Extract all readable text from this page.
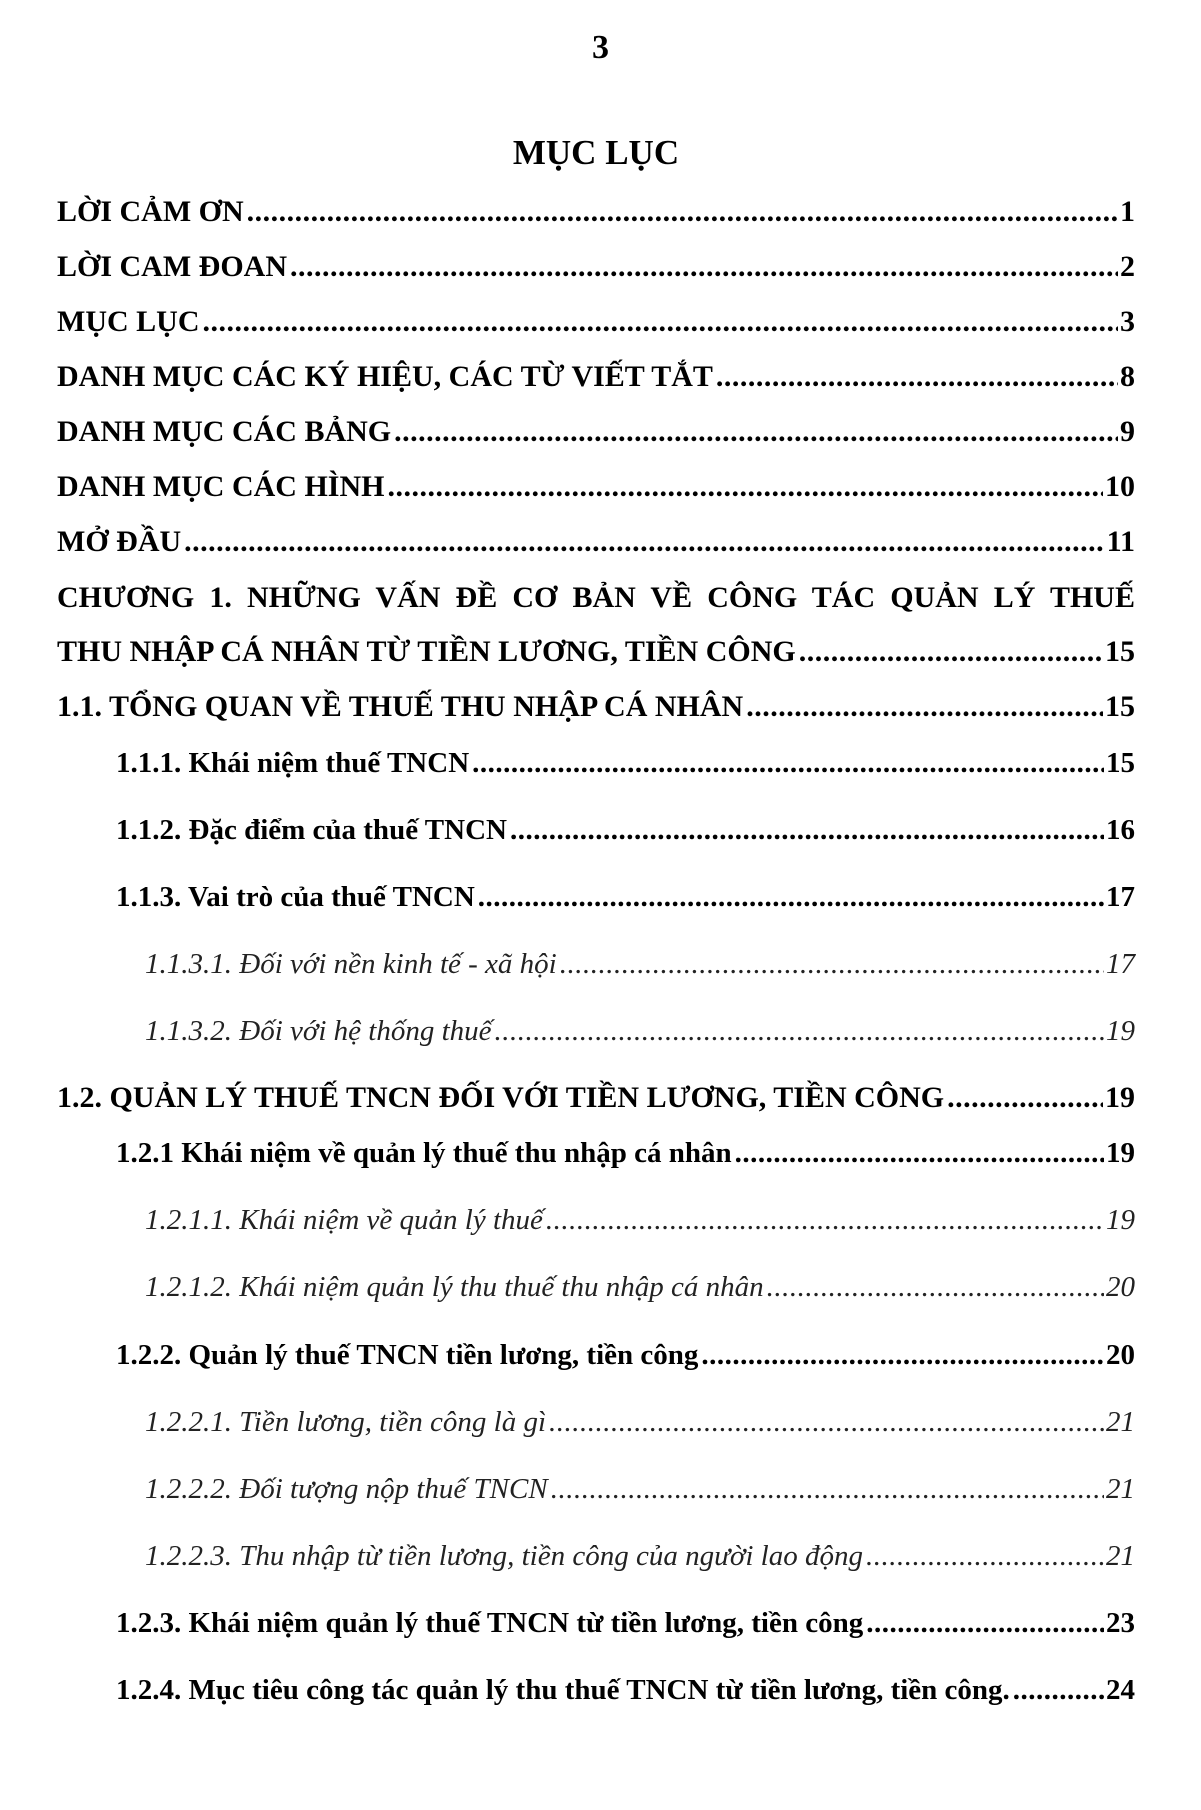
3
MỤC LỤC
LỜI CẢM ƠN .....	1
LỜI CAM ĐOAN .....	2
MỤC LỤC .....	3
DANH MỤC CÁC KÝ HIỆU, CÁC TỪ VIẾT TẮT .....	8
DANH MỤC CÁC BẢNG .....	9
DANH MỤC CÁC HÌNH .....	10
MỞ ĐẦU .....	11
CHƯƠNG 1. NHỮNG VẤN ĐỀ CƠ BẢN VỀ CÔNG TÁC QUẢN LÝ THUẾ
THU NHẬP CÁ NHÂN TỪ TIỀN LƯƠNG, TIỀN CÔNG .....	15
1.1. TỔNG QUAN VỀ THUẾ THU NHẬP CÁ NHÂN .....	15
1.1.1. Khái niệm thuế TNCN .....	15
1.1.2. Đặc điểm của thuế TNCN .....	16
1.1.3. Vai trò của thuế TNCN .....	17
1.1.3.1. Đối với nền kinh tế - xã hội .....	17
1.1.3.2. Đối với hệ thống thuế .....	19
1.2. QUẢN LÝ THUẾ TNCN ĐỐI VỚI TIỀN LƯƠNG, TIỀN CÔNG .....	19
1.2.1 Khái niệm về quản lý thuế thu nhập cá nhân .....	19
1.2.1.1. Khái niệm về quản lý thuế .....	19
1.2.1.2. Khái niệm quản lý thu thuế thu nhập cá nhân .....	20
1.2.2. Quản lý thuế TNCN tiền lương, tiền công .....	20
1.2.2.1. Tiền lương, tiền công là gì .....	21
1.2.2.2. Đối tượng nộp thuế TNCN .....	21
1.2.2.3. Thu nhập từ tiền lương, tiền công của người lao động .....	21
1.2.3. Khái niệm quản lý thuế TNCN từ tiền lương, tiền công .....	23
1.2.4. Mục tiêu công tác quản lý thu thuế TNCN từ tiền lương, tiền công. .....	24
